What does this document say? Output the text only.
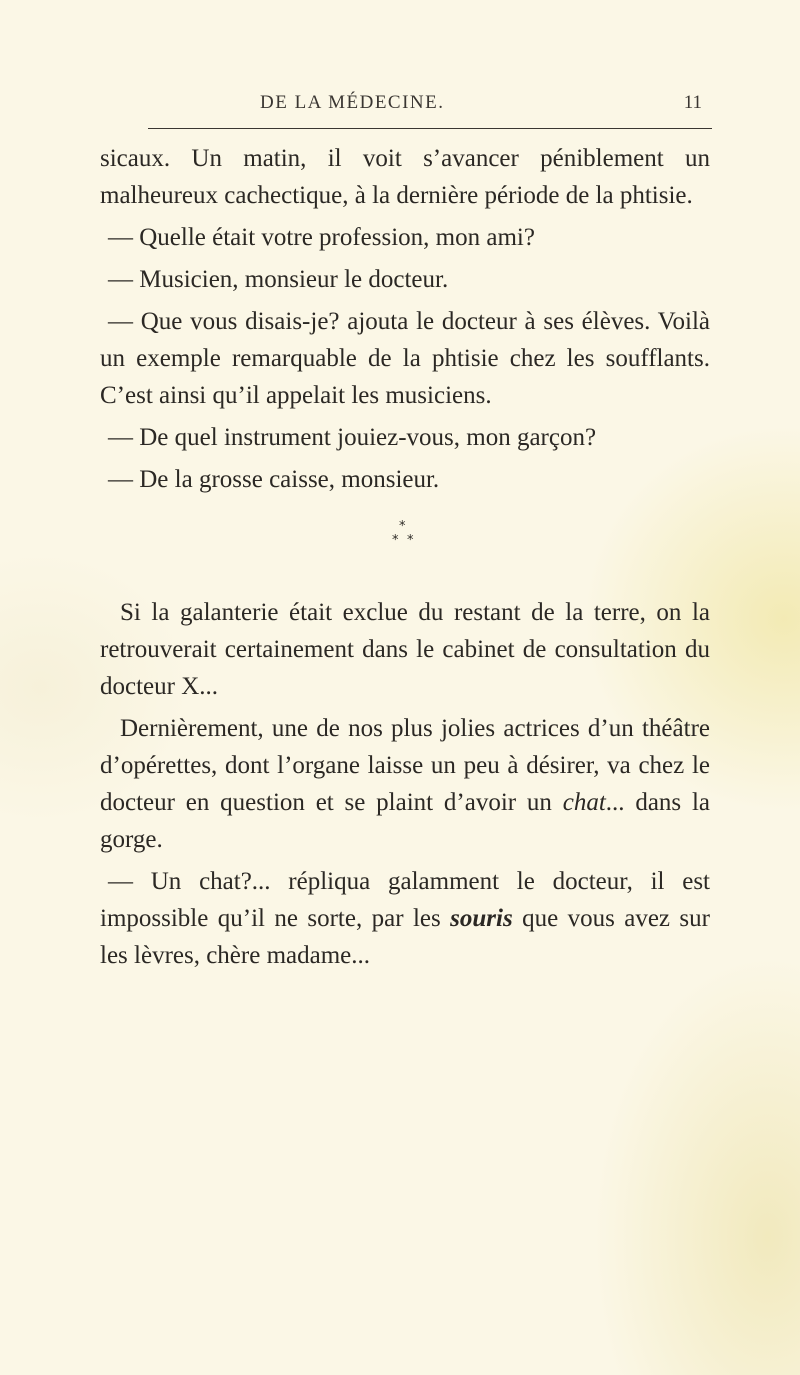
DE LA MÉDECINE.	11

sicaux. Un matin, il voit s’avancer péniblement un malheureux cachectique, à la dernière période de la phtisie.

— Quelle était votre profession, mon ami?

— Musicien, monsieur le docteur.

— Que vous disais-je? ajouta le docteur à ses élèves. Voilà un exemple remarquable de la phtisie chez les soufflants. C’est ainsi qu’il appelait les musiciens.

— De quel instrument jouiez-vous, mon garçon?

— De la grosse caisse, monsieur.

*
* *

Si la galanterie était exclue du restant de la terre, on la retrouverait certainement dans le cabinet de consultation du docteur X...

Dernièrement, une de nos plus jolies actrices d’un théâtre d’opérettes, dont l’organe laisse un peu à désirer, va chez le docteur en question et se plaint d’avoir un chat... dans la gorge.

— Un chat?... répliqua galamment le docteur, il est impossible qu’il ne sorte, par les souris que vous avez sur les lèvres, chère madame...
